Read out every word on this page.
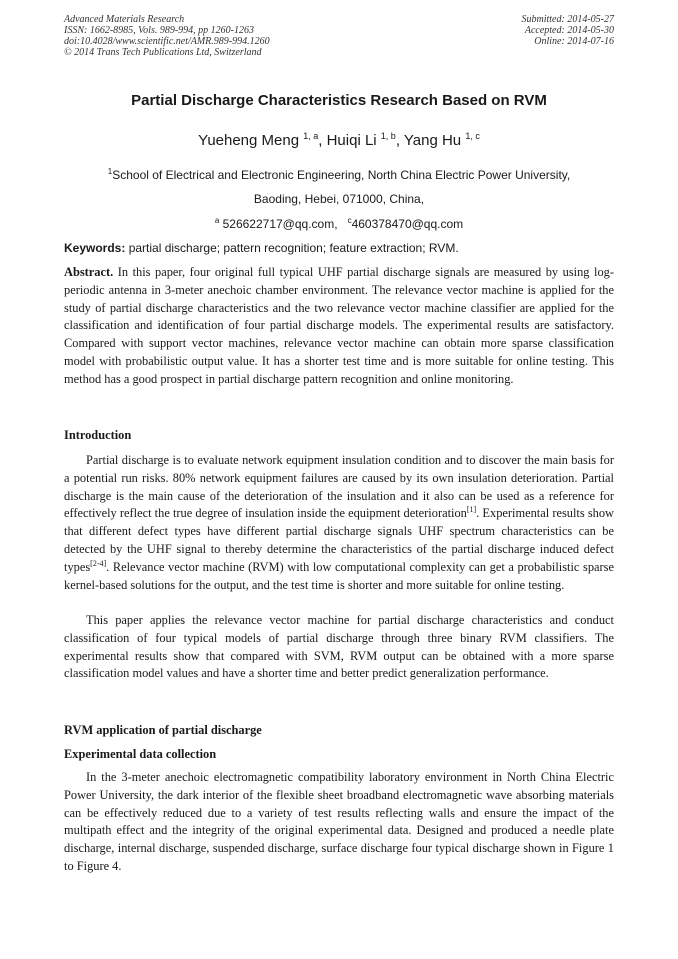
Advanced Materials Research
ISSN: 1662-8985, Vols. 989-994, pp 1260-1263
doi:10.4028/www.scientific.net/AMR.989-994.1260
© 2014 Trans Tech Publications Ltd, Switzerland
Submitted: 2014-05-27
Accepted: 2014-05-30
Online: 2014-07-16
Partial Discharge Characteristics Research Based on RVM
Yueheng Meng $^{1, a}$, Huiqi Li $^{1, b}$, Yang Hu $^{1, c}$
$^1$School of Electrical and Electronic Engineering, North China Electric Power University,
Baoding, Hebei, 071000, China,
$^a$ 526622717@qq.com, $^c$460378470@qq.com
Keywords: partial discharge; pattern recognition; feature extraction; RVM.

Abstract. In this paper, four original full typical UHF partial discharge signals are measured by using log-periodic antenna in 3-meter anechoic chamber environment. The relevance vector machine is applied for the study of partial discharge characteristics and the two relevance vector machine classifier are applied for the classification and identification of four partial discharge models. The experimental results are satisfactory. Compared with support vector machines, relevance vector machine can obtain more sparse classification model with probabilistic output value. It has a shorter test time and is more suitable for online testing. This method has a good prospect in partial discharge pattern recognition and online monitoring.

Introduction

Partial discharge is to evaluate network equipment insulation condition and to discover the main basis for a potential run risks. 80% network equipment failures are caused by its own insulation deterioration. Partial discharge is the main cause of the deterioration of the insulation and it also can be used as a reference for effectively reflect the true degree of insulation inside the equipment deterioration[1]. Experimental results show that different defect types have different partial discharge signals UHF spectrum characteristics can be detected by the UHF signal to thereby determine the characteristics of the partial discharge induced defect types[2-4]. Relevance vector machine (RVM) with low computational complexity can get a probabilistic sparse kernel-based solutions for the output, and the test time is shorter and more suitable for online testing.

This paper applies the relevance vector machine for partial discharge characteristics and conduct classification of four typical models of partial discharge through three binary RVM classifiers. The experimental results show that compared with SVM, RVM output can be obtained with a more sparse classification model values and have a shorter time and better predict generalization performance.

RVM application of partial discharge
Experimental data collection

In the 3-meter anechoic electromagnetic compatibility laboratory environment in North China Electric Power University, the dark interior of the flexible sheet broadband electromagnetic wave absorbing materials can be effectively reduced due to a variety of test results reflecting walls and ensure the impact of the multipath effect and the integrity of the original experimental data. Designed and produced a needle plate discharge, internal discharge, suspended discharge, surface discharge four typical discharge shown in Figure 1 to Figure 4.
